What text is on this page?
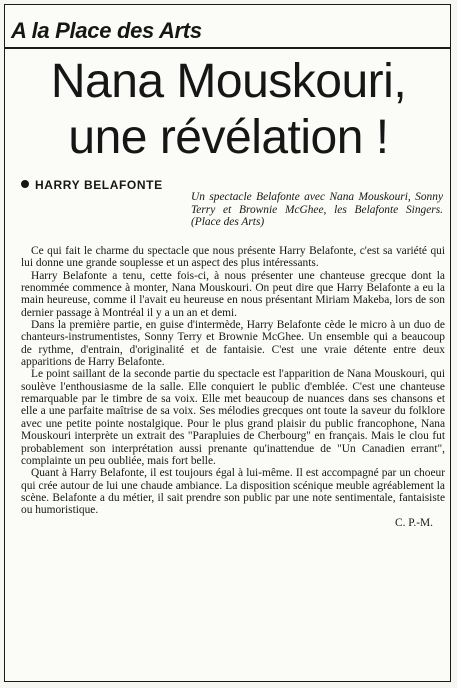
A la Place des Arts
Nana Mouskouri,
une révélation !
HARRY BELAFONTE
Un spectacle Belafonte avec Nana Mouskouri, Sonny Terry et Brownie McGhee, les Belafonte Singers. (Place des Arts)

Ce qui fait le charme du spectacle que nous présente Harry Belafonte, c'est sa variété qui lui donne une grande souplesse et un aspect des plus intéressants.

Harry Belafonte a tenu, cette fois-ci, à nous présenter une chanteuse grecque dont la renommée commence à monter, Nana Mouskouri. On peut dire que Harry Belafonte a eu la main heureuse, comme il l'avait eu heureuse en nous présentant Miriam Makeba, lors de son dernier passage à Montréal il y a un an et demi.

Dans la première partie, en guise d'intermède, Harry Belafonte cède le micro à un duo de chanteurs-instrumentistes, Sonny Terry et Brownie McGhee. Un ensemble qui a beaucoup de rythme, d'entrain, d'originalité et de fantaisie. C'est une vraie détente entre deux apparitions de Harry Belafonte.

Le point saillant de la seconde partie du spectacle est l'apparition de Nana Mouskouri, qui soulève l'enthousiasme de la salle. Elle conquiert le public d'emblée. C'est une chanteuse remarquable par le timbre de sa voix. Elle met beaucoup de nuances dans ses chansons et elle a une parfaite maîtrise de sa voix. Ses mélodies grecques ont toute la saveur du folklore avec une petite pointe nostalgique. Pour le plus grand plaisir du public francophone, Nana Mouskouri interprète un extrait des "Parapluies de Cherbourg" en français. Mais le clou fut probablement son interprétation aussi prenante qu'inattendue de "Un Canadien errant", complainte un peu oubliée, mais fort belle.

Quant à Harry Belafonte, il est toujours égal à lui-même. Il est accompagné par un choeur qui crée autour de lui une chaude ambiance. La disposition scénique meuble agréablement la scène. Belafonte a du métier, il sait prendre son public par une note sentimentale, fantaisiste ou humoristique.

C. P.-M.
